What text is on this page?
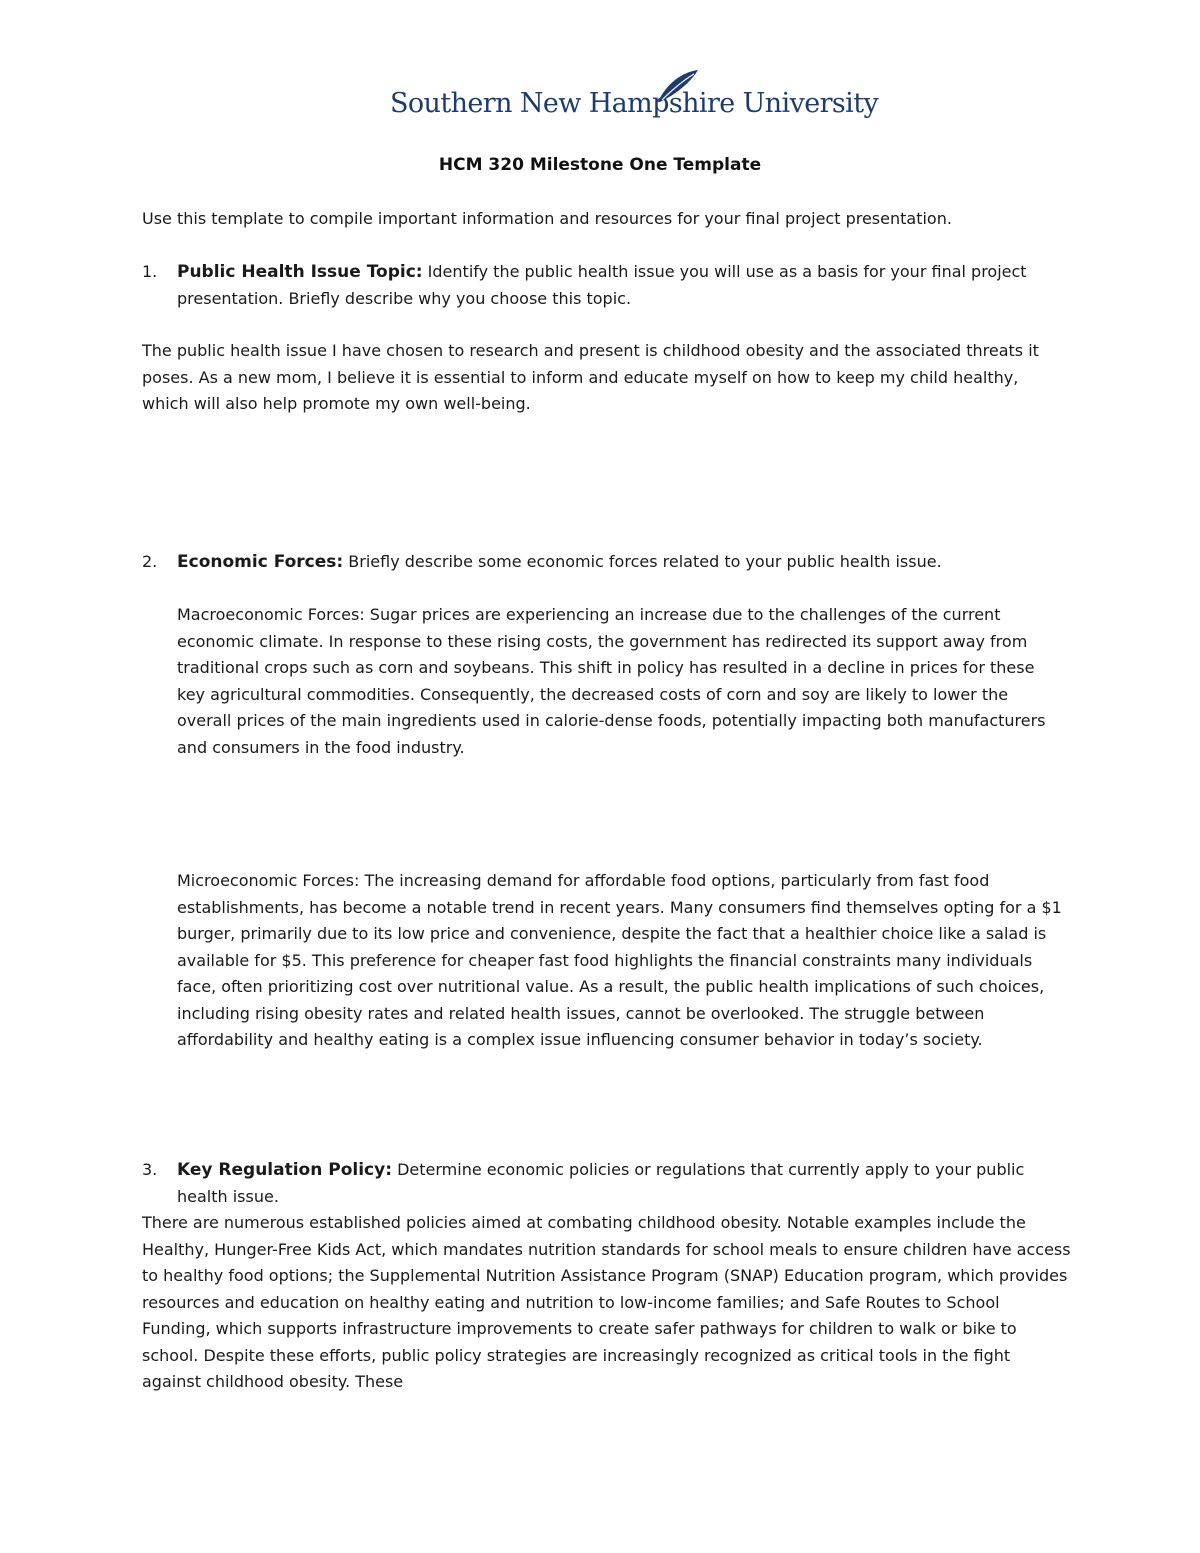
Southern New Hampshire University
HCM 320 Milestone One Template
Use this template to compile important information and resources for your final project presentation.
1. Public Health Issue Topic: Identify the public health issue you will use as a basis for your final project presentation. Briefly describe why you choose this topic.
The public health issue I have chosen to research and present is childhood obesity and the associated threats it poses. As a new mom, I believe it is essential to inform and educate myself on how to keep my child healthy, which will also help promote my own well-being.
2. Economic Forces: Briefly describe some economic forces related to your public health issue.
Macroeconomic Forces: Sugar prices are experiencing an increase due to the challenges of the current economic climate. In response to these rising costs, the government has redirected its support away from traditional crops such as corn and soybeans. This shift in policy has resulted in a decline in prices for these key agricultural commodities. Consequently, the decreased costs of corn and soy are likely to lower the overall prices of the main ingredients used in calorie-dense foods, potentially impacting both manufacturers and consumers in the food industry.
Microeconomic Forces: The increasing demand for affordable food options, particularly from fast food establishments, has become a notable trend in recent years. Many consumers find themselves opting for a $1 burger, primarily due to its low price and convenience, despite the fact that a healthier choice like a salad is available for $5. This preference for cheaper fast food highlights the financial constraints many individuals face, often prioritizing cost over nutritional value. As a result, the public health implications of such choices, including rising obesity rates and related health issues, cannot be overlooked. The struggle between affordability and healthy eating is a complex issue influencing consumer behavior in today’s society.
3. Key Regulation Policy: Determine economic policies or regulations that currently apply to your public health issue.
There are numerous established policies aimed at combating childhood obesity. Notable examples include the Healthy, Hunger-Free Kids Act, which mandates nutrition standards for school meals to ensure children have access to healthy food options; the Supplemental Nutrition Assistance Program (SNAP) Education program, which provides resources and education on healthy eating and nutrition to low-income families; and Safe Routes to School Funding, which supports infrastructure improvements to create safer pathways for children to walk or bike to school. Despite these efforts, public policy strategies are increasingly recognized as critical tools in the fight against childhood obesity. These
